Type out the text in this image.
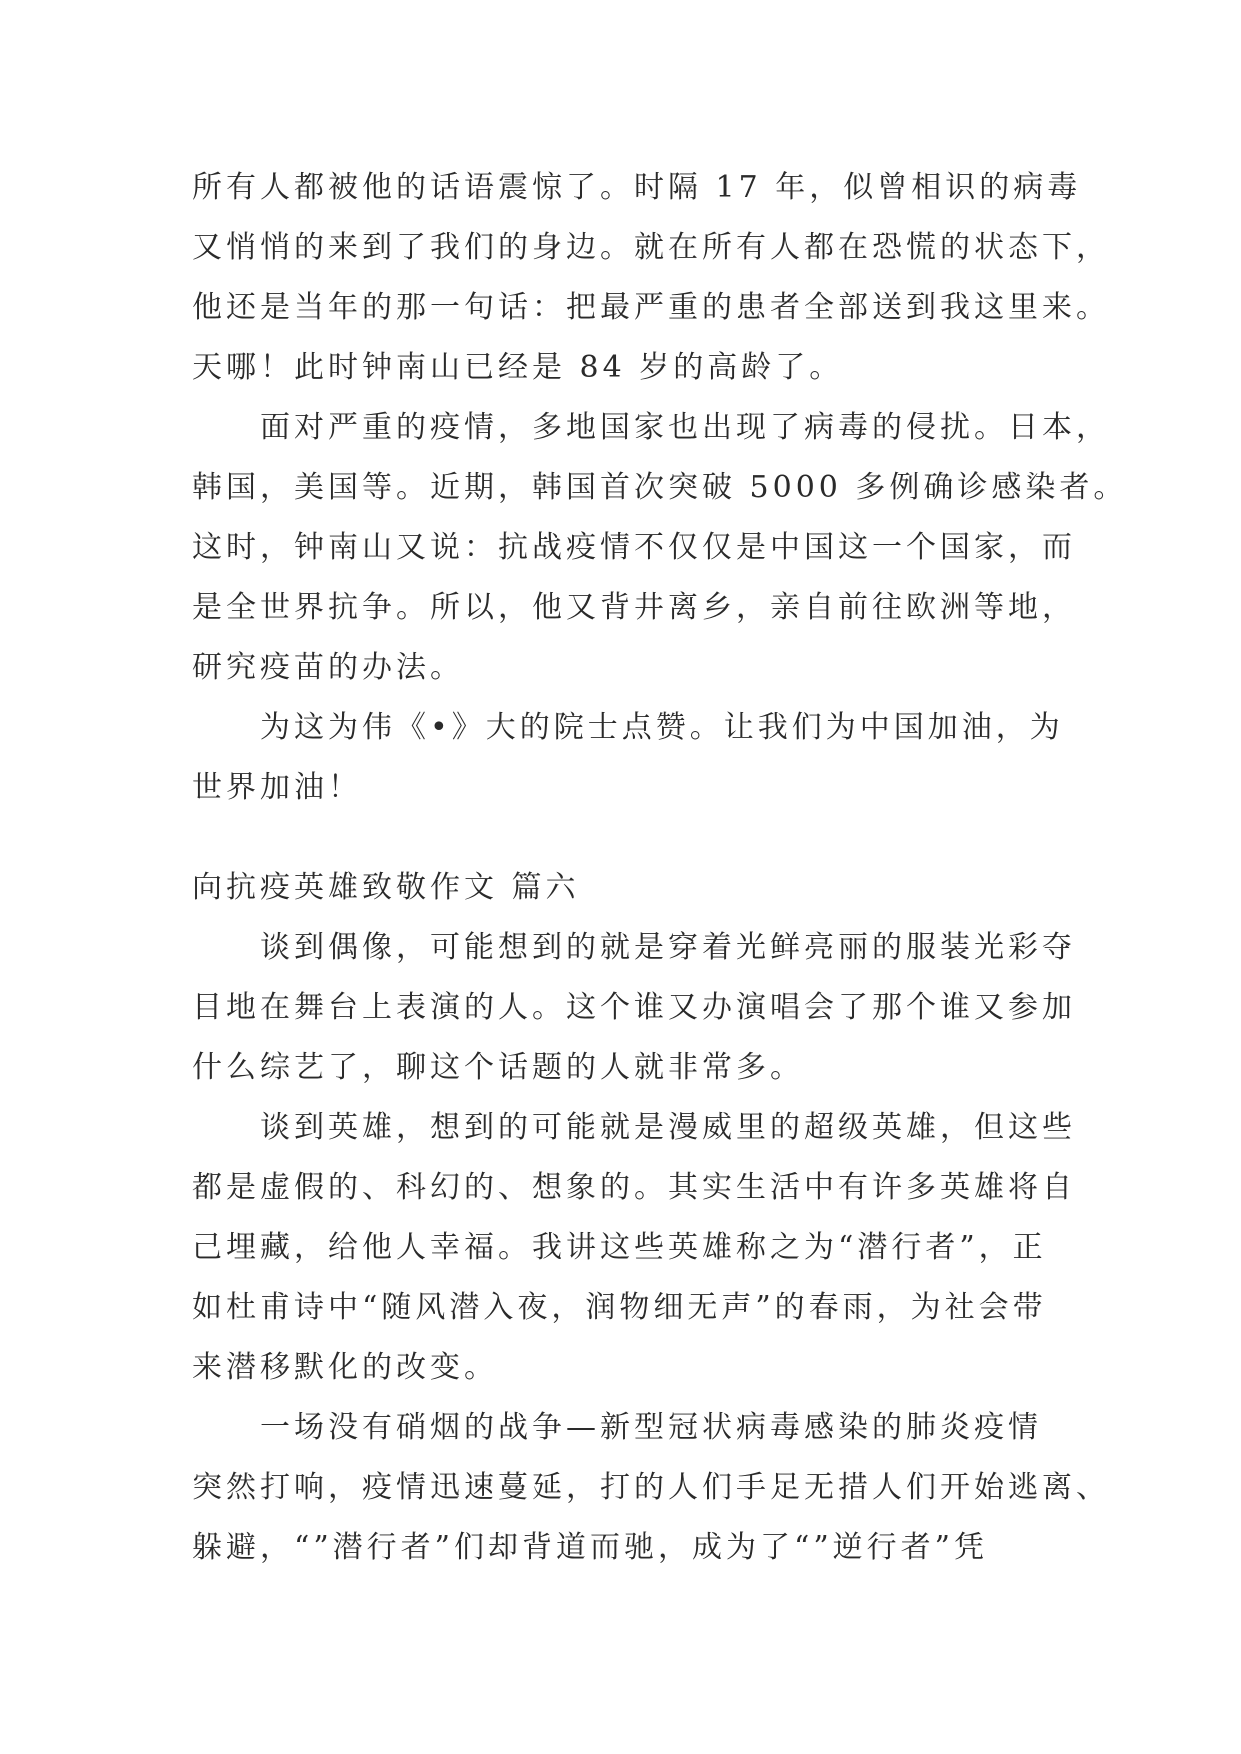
所有人都被他的话语震惊了。时隔 17 年，似曾相识的病毒
又悄悄的来到了我们的身边。就在所有人都在恐慌的状态下，
他还是当年的那一句话：把最严重的患者全部送到我这里来。
天哪！此时钟南山已经是 84 岁的高龄了。
　　面对严重的疫情，多地国家也出现了病毒的侵扰。日本，
韩国，美国等。近期，韩国首次突破 5000 多例确诊感染者。
这时，钟南山又说：抗战疫情不仅仅是中国这一个国家，而
是全世界抗争。所以，他又背井离乡，亲自前往欧洲等地，
研究疫苗的办法。
　　为这为伟《•》大的院士点赞。让我们为中国加油，为
世界加油！
向抗疫英雄致敬作文 篇六
　　谈到偶像，可能想到的就是穿着光鲜亮丽的服装光彩夺
目地在舞台上表演的人。这个谁又办演唱会了那个谁又参加
什么综艺了，聊这个话题的人就非常多。
　　谈到英雄，想到的可能就是漫威里的超级英雄，但这些
都是虚假的、科幻的、想象的。其实生活中有许多英雄将自
己埋藏，给他人幸福。我讲这些英雄称之为“潜行者”，正
如杜甫诗中“随风潜入夜，润物细无声”的春雨，为社会带
来潜移默化的改变。
　　一场没有硝烟的战争—新型冠状病毒感染的肺炎疫情
突然打响，疫情迅速蔓延，打的人们手足无措人们开始逃离、
躲避，“”潜行者”们却背道而驰，成为了“”逆行者”凭
